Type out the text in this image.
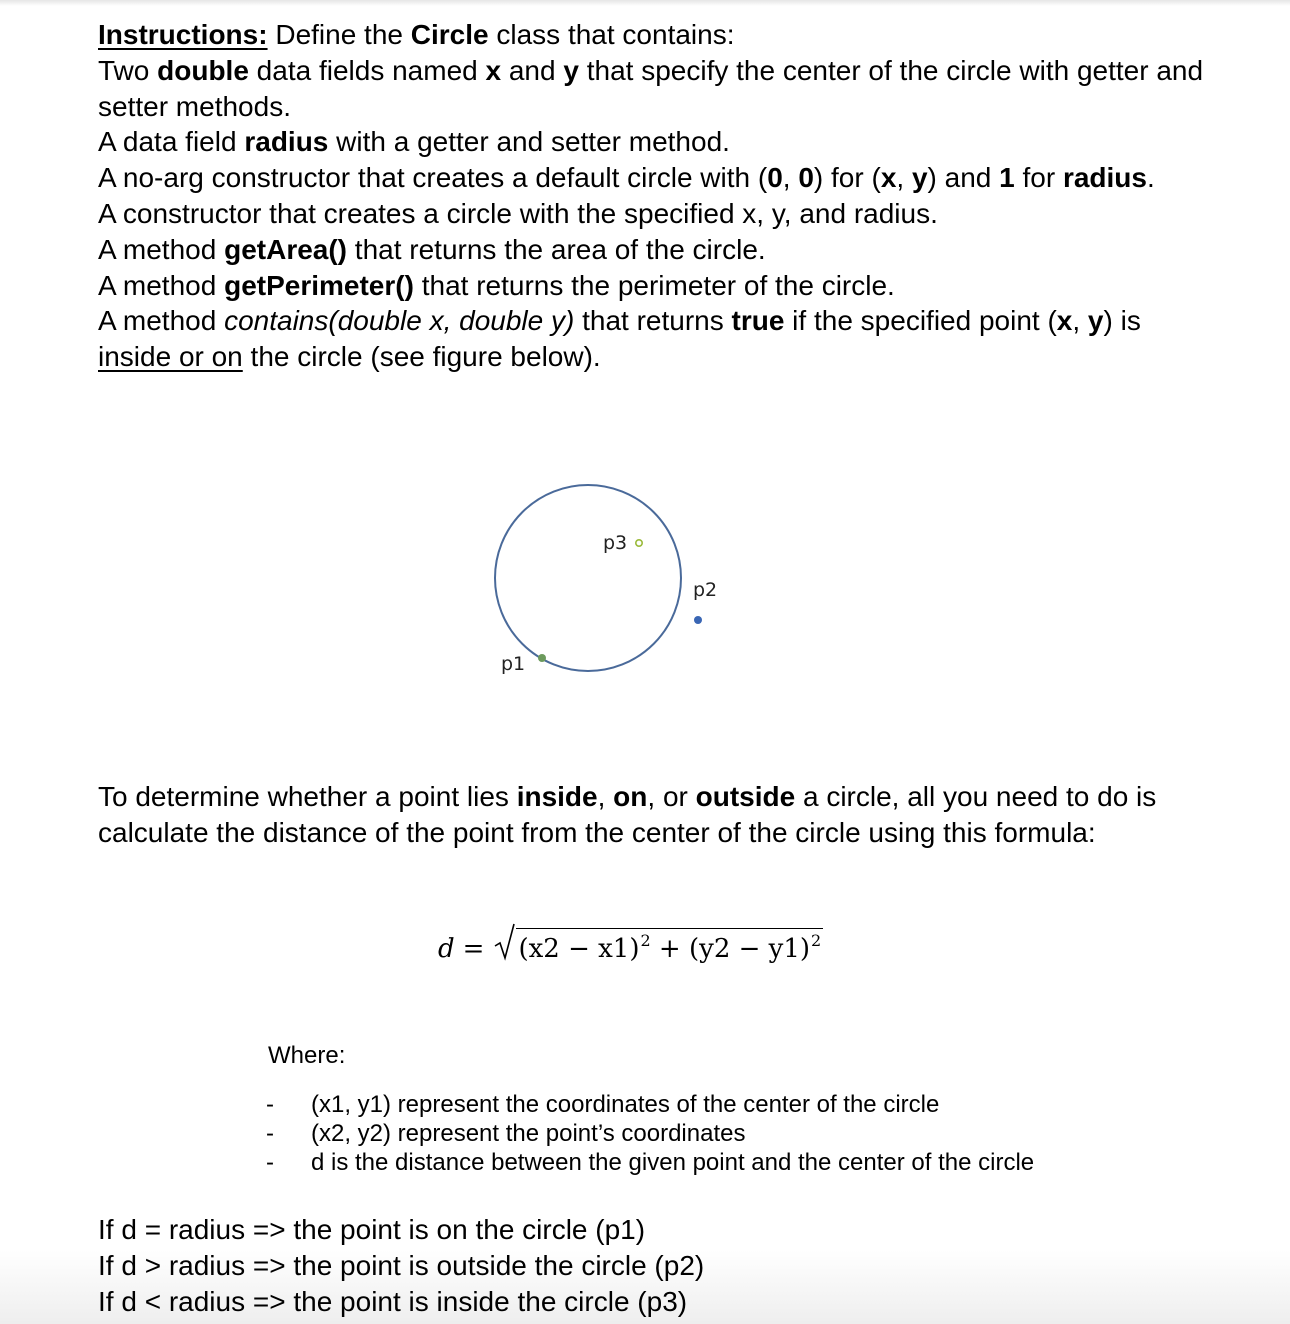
Instructions: Define the Circle class that contains:

Two double data fields named x and y that specify the center of the circle with getter and setter methods.

A data field radius with a getter and setter method.

A no-arg constructor that creates a default circle with (0, 0) for (x, y) and 1 for radius.

A constructor that creates a circle with the specified x, y, and radius.

A method getArea() that returns the area of the circle.

A method getPerimeter() that returns the perimeter of the circle.

A method contains(double x, double y) that returns true if the specified point (x, y) is inside or on the circle (see figure below).

p1
p2
p3

To determine whether a point lies inside, on, or outside a circle, all you need to do is calculate the distance of the point from the center of the circle using this formula:

$d = (x2 - x1)^2 + (y2 - y1)^2$

Where:

- (x1, y1) represent the coordinates of the center of the circle
- (x2, y2) represent the point’s coordinates
- d is the distance between the given point and the center of the circle

If d = radius => the point is on the circle (p1)

If d > radius => the point is outside the circle (p2)

If d < radius => the point is inside the circle (p3)
